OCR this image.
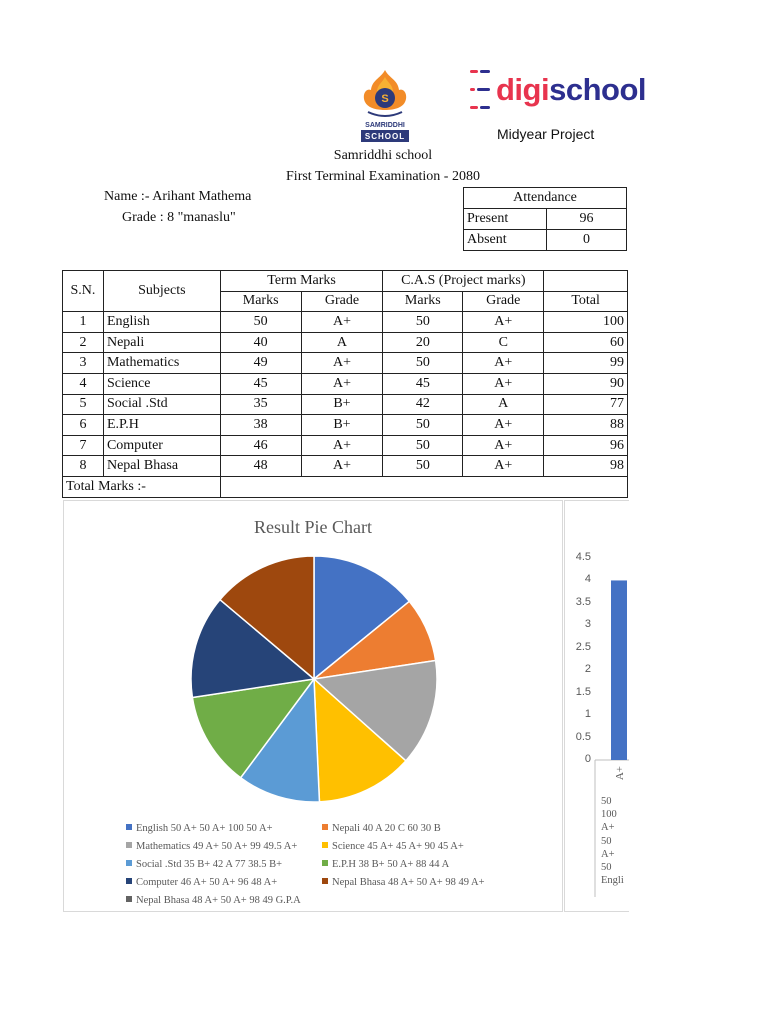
S
SAMRIDDHI
SCHOOL

digi school
Midyear Project
Samriddhi school
First Terminal Examination - 2080
Name :- Arihant Mathema
Grade : 8 "manaslu"
Attendance	
Present	96
Absent	0
S.N.	Subjects	Term Marks		C.A.S (Project marks)		
		Marks	Grade	Marks	Grade	Total
1	English	50	A+	50	A+	100
2	Nepali	40	A	20	C	60
3	Mathematics	49	A+	50	A+	99
4	Science	45	A+	45	A+	90
5	Social .Std	35	B+	42	A	77
6	E.P.H	38	B+	50	A+	88
7	Computer	46	A+	50	A+	96
8	Nepal Bhasa	48	A+	50	A+	98
Total Marks :-						
Result Pie Chart
English 50 A+ 50 A+ 100 50 A+	Nepali 40 A 20 C 60 30 B
Mathematics 49 A+ 50 A+ 99 49.5 A+	Science 45 A+ 45 A+ 90 45 A+
Social .Std 35 B+ 42 A 77 38.5 B+	E.P.H 38 B+ 50 A+ 88 44 A
Computer 46 A+ 50 A+ 96 48 A+	Nepal Bhasa 48 A+ 50 A+ 98 49 A+
Nepal Bhasa 48 A+ 50 A+ 98 49 G.P.A
4.5
4
3.5
3
2.5
2
1.5
1
0.5
0
A+
50
100
A+
50
A+
50
Engli
